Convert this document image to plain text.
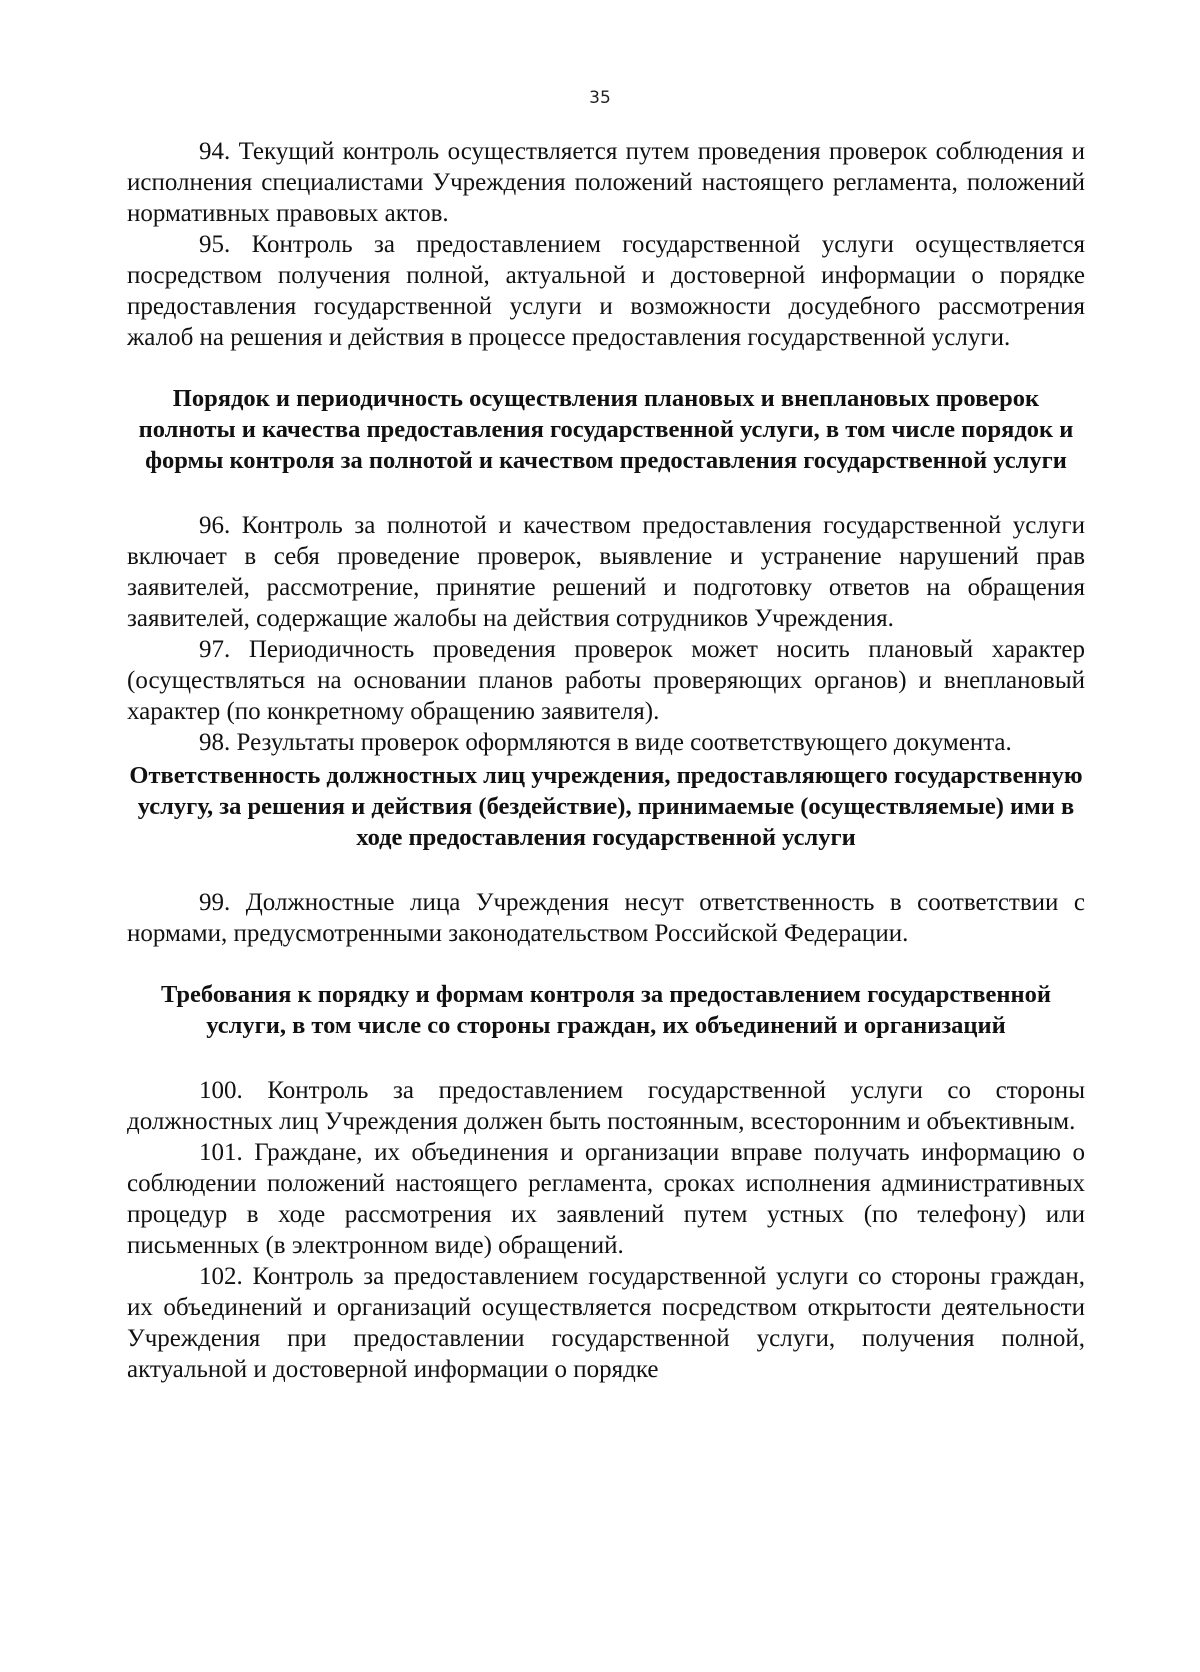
35

94. Текущий контроль осуществляется путем проведения проверок соблюдения и исполнения специалистами Учреждения положений настоящего регламента, положений нормативных правовых актов.

95. Контроль за предоставлением государственной услуги осуществляется посредством получения полной, актуальной и достоверной информации о порядке предоставления государственной услуги и возможности досудебного рассмотрения жалоб на решения и действия в процессе предоставления государственной услуги.

Порядок и периодичность осуществления плановых и внеплановых проверок полноты и качества предоставления государственной услуги, в том числе порядок и формы контроля за полнотой и качеством предоставления государственной услуги

96. Контроль за полнотой и качеством предоставления государственной услуги включает в себя проведение проверок, выявление и устранение нарушений прав заявителей, рассмотрение, принятие решений и подготовку ответов на обращения заявителей, содержащие жалобы на действия сотрудников Учреждения.

97. Периодичность проведения проверок может носить плановый характер (осуществляться на основании планов работы проверяющих органов) и внеплановый характер (по конкретному обращению заявителя).

98. Результаты проверок оформляются в виде соответствующего документа.

Ответственность должностных лиц учреждения, предоставляющего государственную услугу, за решения и действия (бездействие), принимаемые (осуществляемые) ими в ходе предоставления государственной услуги

99. Должностные лица Учреждения несут ответственность в соответствии с нормами, предусмотренными законодательством Российской Федерации.

Требования к порядку и формам контроля за предоставлением государственной услуги, в том числе со стороны граждан, их объединений и организаций

100. Контроль за предоставлением государственной услуги со стороны должностных лиц Учреждения должен быть постоянным, всесторонним и объективным.

101. Граждане, их объединения и организации вправе получать информацию о соблюдении положений настоящего регламента, сроках исполнения административных процедур в ходе рассмотрения их заявлений путем устных (по телефону) или письменных (в электронном виде) обращений.

102. Контроль за предоставлением государственной услуги со стороны граждан, их объединений и организаций осуществляется посредством открытости деятельности Учреждения при предоставлении государственной услуги, получения полной, актуальной и достоверной информации о порядке
